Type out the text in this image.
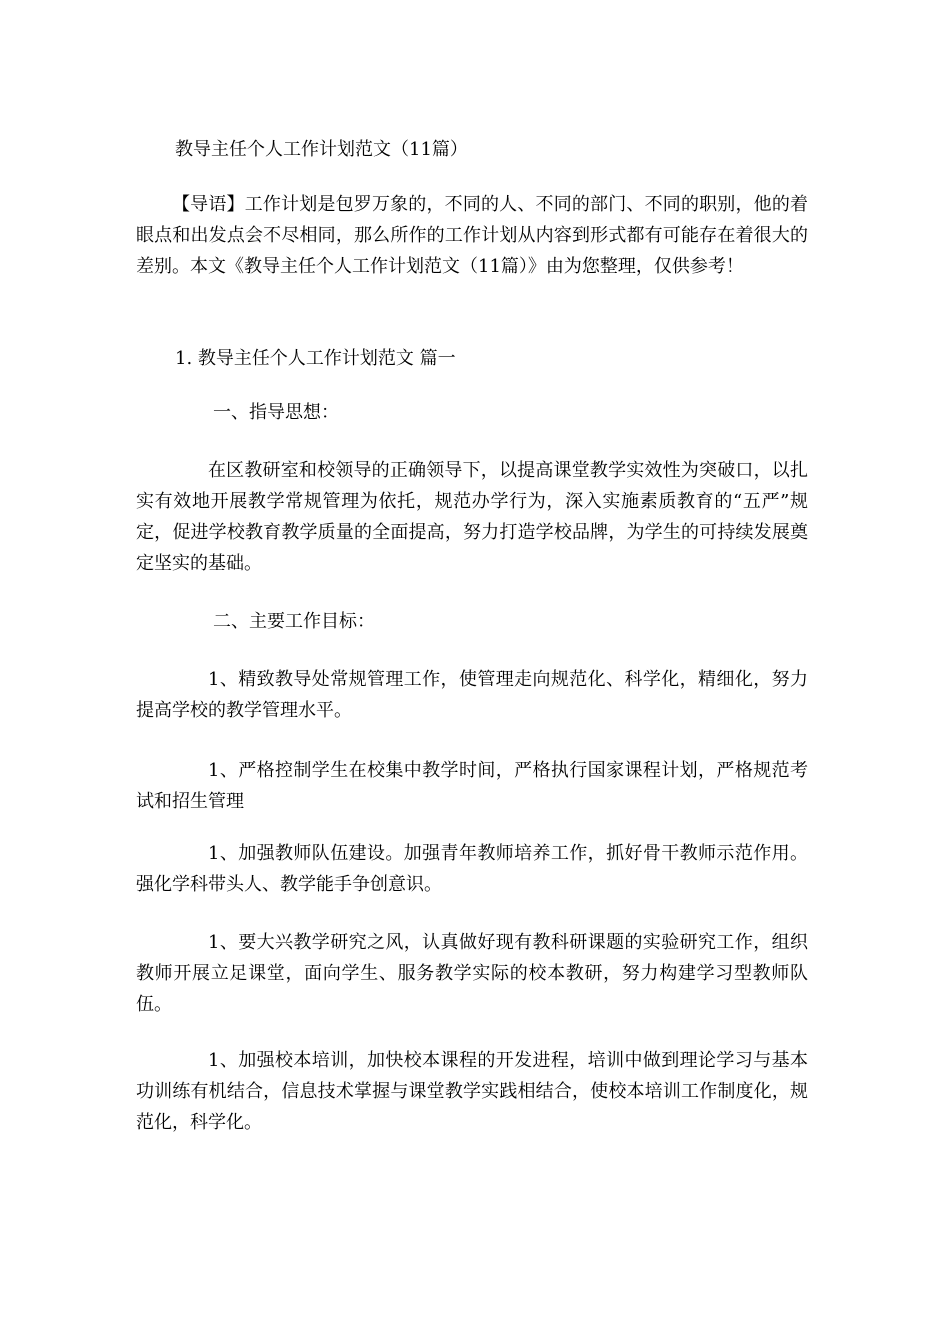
教导主任个人工作计划范文（11篇）
【导语】工作计划是包罗万象的，不同的人、不同的部门、不同的职别，他的着眼点和出发点会不尽相同，那么所作的工作计划从内容到形式都有可能存在着很大的差别。本文《教导主任个人工作计划范文（11篇）》由为您整理，仅供参考！
1. 教导主任个人工作计划范文 篇一
一、指导思想：
在区教研室和校领导的正确领导下，以提高课堂教学实效性为突破口，以扎实有效地开展教学常规管理为依托，规范办学行为，深入实施素质教育的“五严”规定，促进学校教育教学质量的全面提高，努力打造学校品牌，为学生的可持续发展奠定坚实的基础。
二、主要工作目标：
1、精致教导处常规管理工作，使管理走向规范化、科学化，精细化，努力提高学校的教学管理水平。
1、严格控制学生在校集中教学时间，严格执行国家课程计划，严格规范考试和招生管理
1、加强教师队伍建设。加强青年教师培养工作，抓好骨干教师示范作用。强化学科带头人、教学能手争创意识。
1、要大兴教学研究之风，认真做好现有教科研课题的实验研究工作，组织教师开展立足课堂，面向学生、服务教学实际的校本教研，努力构建学习型教师队伍。
1、加强校本培训，加快校本课程的开发进程，培训中做到理论学习与基本功训练有机结合，信息技术掌握与课堂教学实践相结合，使校本培训工作制度化，规范化，科学化。
